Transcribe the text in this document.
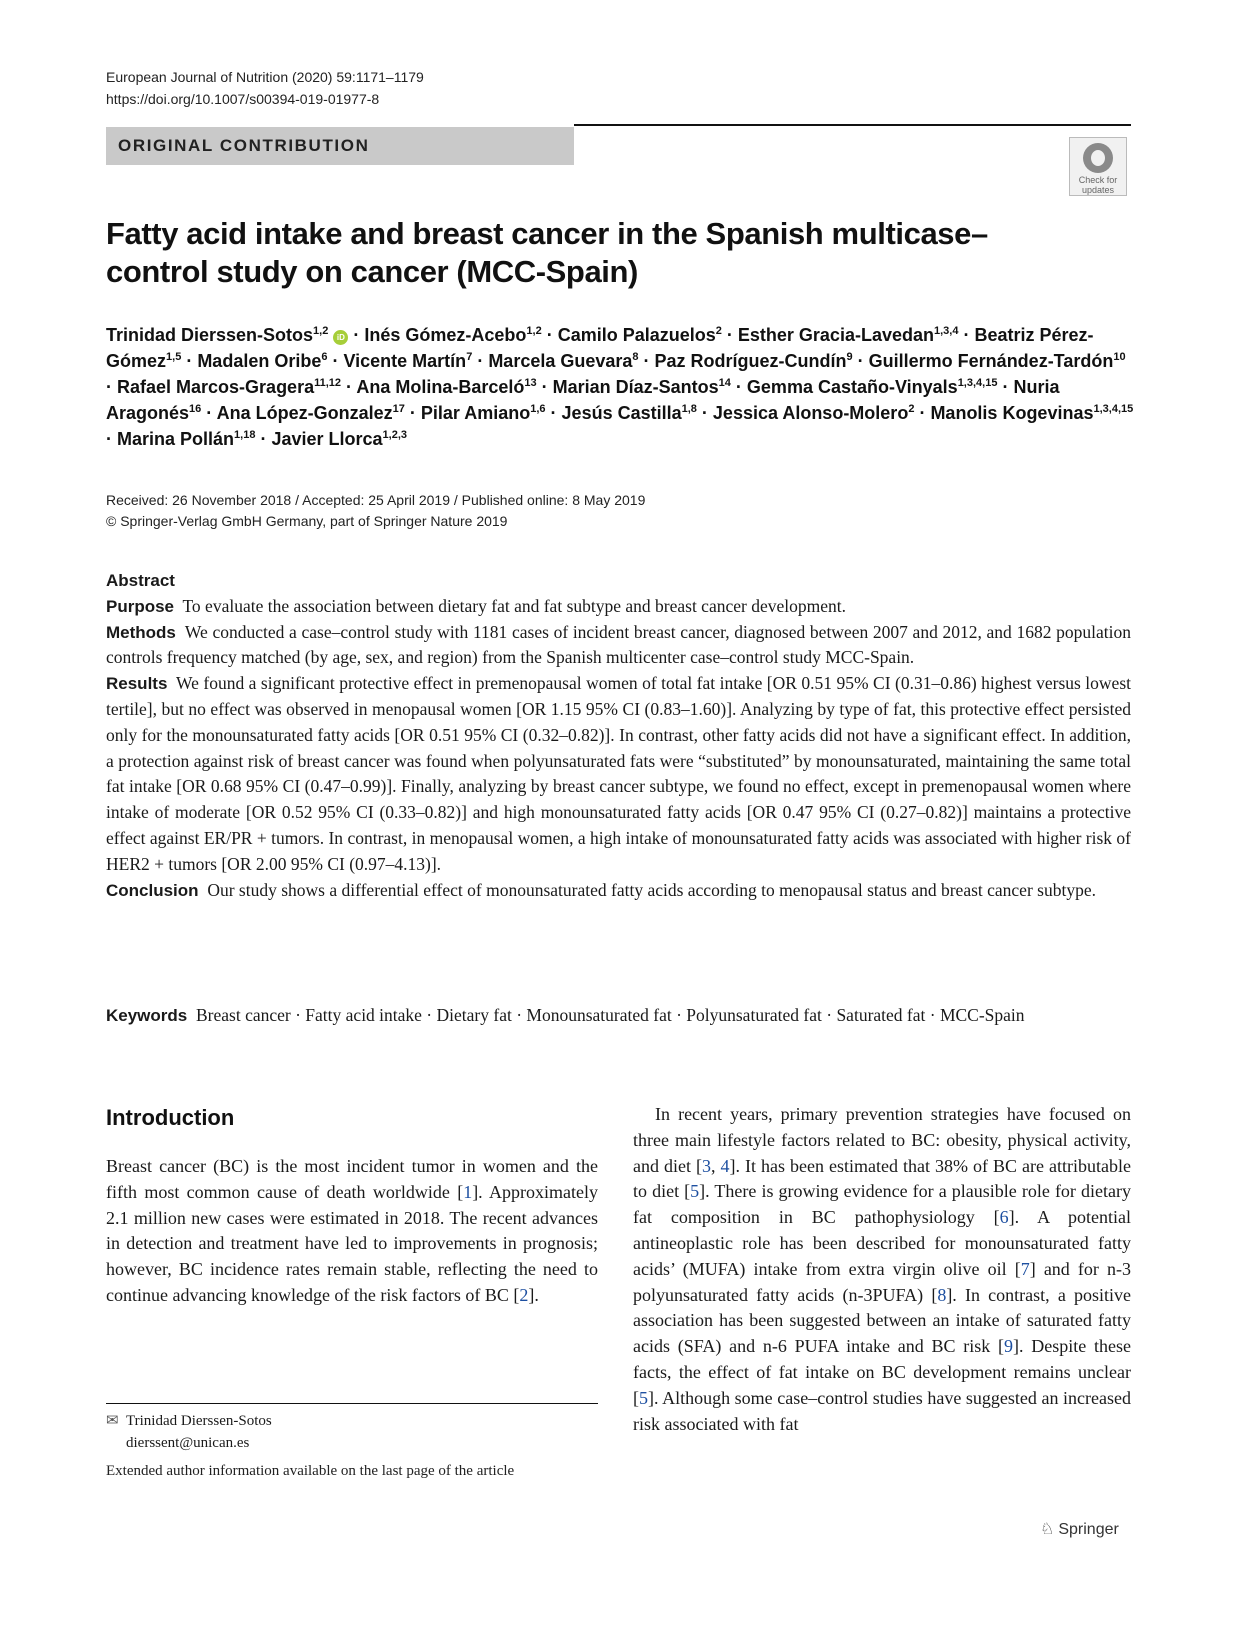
European Journal of Nutrition (2020) 59:1171–1179
https://doi.org/10.1007/s00394-019-01977-8
ORIGINAL CONTRIBUTION
Check for
updates
Fatty acid intake and breast cancer in the Spanish multicase–control study on cancer (MCC-Spain)
Trinidad Dierssen-Sotos$^{1,2}$ iD · Inés Gómez-Acebo$^{1,2}$ · Camilo Palazuelos$^2$ · Esther Gracia-Lavedan$^{1,3,4}$ · Beatriz Pérez-Gómez$^{1,5}$ · Madalen Oribe$^6$ · Vicente Martín$^7$ · Marcela Guevara$^8$ · Paz Rodríguez-Cundín$^9$ · Guillermo Fernández-Tardón$^{10}$ · Rafael Marcos-Gragera$^{11,12}$ · Ana Molina-Barceló$^{13}$ · Marian Díaz-Santos$^{14}$ · Gemma Castaño-Vinyals$^{1,3,4,15}$ · Nuria Aragonés$^{16}$ · Ana López-Gonzalez$^{17}$ · Pilar Amiano$^{1,6}$ · Jesús Castilla$^{1,8}$ · Jessica Alonso-Molero$^2$ · Manolis Kogevinas$^{1,3,4,15}$ · Marina Pollán$^{1,18}$ · Javier Llorca$^{1,2,3}$
Received: 26 November 2018 / Accepted: 25 April 2019 / Published online: 8 May 2019
© Springer-Verlag GmbH Germany, part of Springer Nature 2019

Abstract

Purpose To evaluate the association between dietary fat and fat subtype and breast cancer development.

Methods We conducted a case–control study with 1181 cases of incident breast cancer, diagnosed between 2007 and 2012, and 1682 population controls frequency matched (by age, sex, and region) from the Spanish multicenter case–control study MCC-Spain.

Results We found a significant protective effect in premenopausal women of total fat intake [OR 0.51 95% CI (0.31–0.86) highest versus lowest tertile], but no effect was observed in menopausal women [OR 1.15 95% CI (0.83–1.60)]. Analyzing by type of fat, this protective effect persisted only for the monounsaturated fatty acids [OR 0.51 95% CI (0.32–0.82)]. In contrast, other fatty acids did not have a significant effect. In addition, a protection against risk of breast cancer was found when polyunsaturated fats were “substituted” by monounsaturated, maintaining the same total fat intake [OR 0.68 95% CI (0.47–0.99)]. Finally, analyzing by breast cancer subtype, we found no effect, except in premenopausal women where intake of moderate [OR 0.52 95% CI (0.33–0.82)] and high monounsaturated fatty acids [OR 0.47 95% CI (0.27–0.82)] maintains a protective effect against ER/PR + tumors. In contrast, in menopausal women, a high intake of monounsaturated fatty acids was associated with higher risk of HER2 + tumors [OR 2.00 95% CI (0.97–4.13)].

Conclusion Our study shows a differential effect of monounsaturated fatty acids according to menopausal status and breast cancer subtype.

Keywords Breast cancer · Fatty acid intake · Dietary fat · Monounsaturated fat · Polyunsaturated fat · Saturated fat · MCC-Spain
Introduction
Breast cancer (BC) is the most incident tumor in women and the fifth most common cause of death worldwide [1]. Approximately 2.1 million new cases were estimated in 2018. The recent advances in detection and treatment have led to improvements in prognosis; however, BC incidence rates remain stable, reflecting the need to continue advancing knowledge of the risk factors of BC [2].
In recent years, primary prevention strategies have focused on three main lifestyle factors related to BC: obesity, physical activity, and diet [3, 4]. It has been estimated that 38% of BC are attributable to diet [5]. There is growing evidence for a plausible role for dietary fat composition in BC pathophysiology [6]. A potential antineoplastic role has been described for monounsaturated fatty acids’ (MUFA) intake from extra virgin olive oil [7] and for n-3 polyunsaturated fatty acids (n-3PUFA) [8]. In contrast, a positive association has been suggested between an intake of saturated fatty acids (SFA) and n-6 PUFA intake and BC risk [9]. Despite these facts, the effect of fat intake on BC development remains unclear [5]. Although some case–control studies have suggested an increased risk associated with fat
✉ Trinidad Dierssen-Sotos
dierssent@unican.es
Extended author information available on the last page of the article
♘ Springer
